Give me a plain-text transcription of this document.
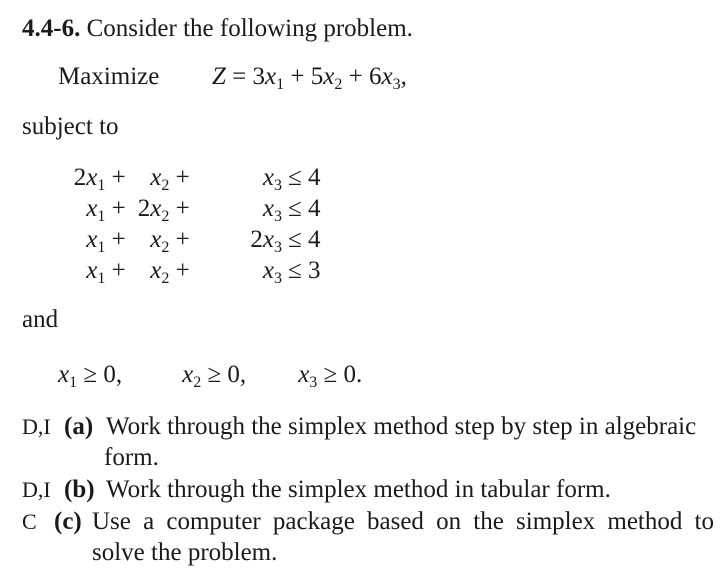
4.4-6. Consider the following problem.
Maximize $Z = 3x_1 + 5x_2 + 6x_3$,
subject to
$2x_1 + x_2$ +	$x_3 \le 4$
$x_1 + 2x_2$ +	$x_3 \le 4$
$x_1 + x_2$ +	$2x_3 \le 4$
$x_1 + x_2$ +	$x_3 \le 3$
and
$x_1 \ge 0$, $x_2 \ge 0$, $x_3 \ge 0$.
D,I (a) Work through the simplex method step by step in algebraic
form.
D,I (b) Work through the simplex method in tabular form.
C (c) Use a computer package based on the simplex method to
solve the problem.
